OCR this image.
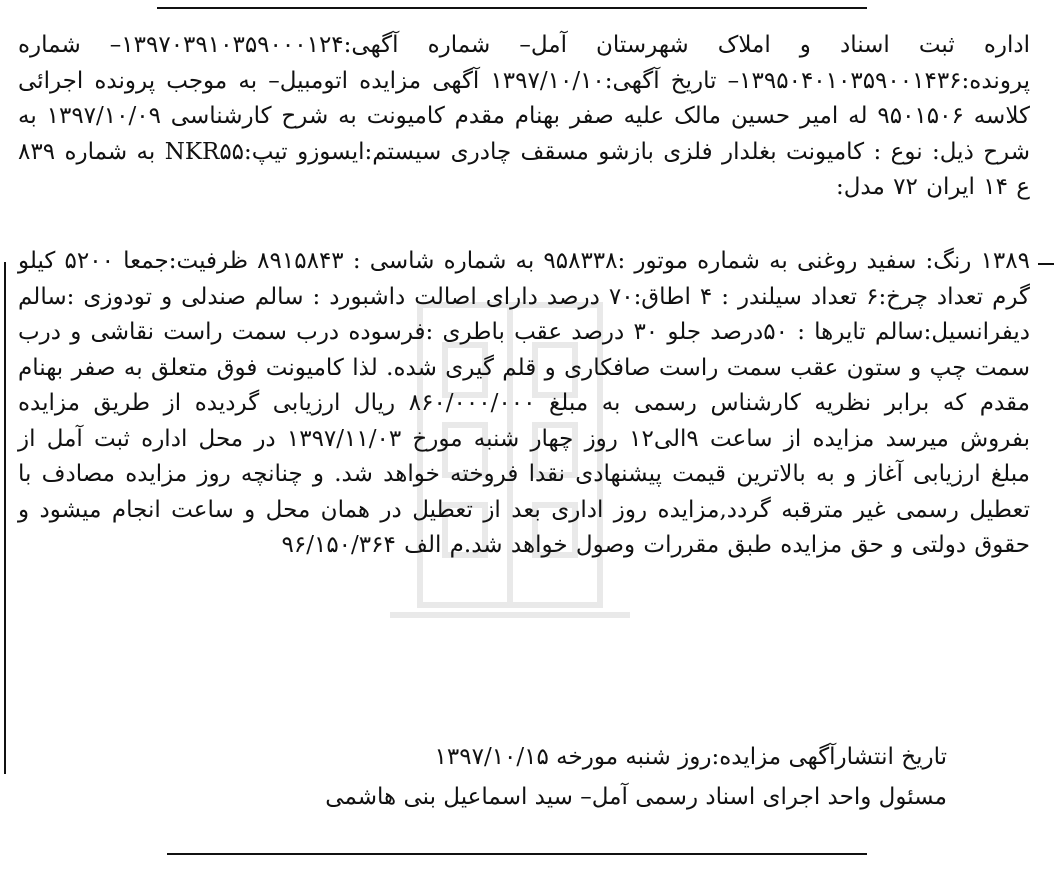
اداره ثبت اسناد و املاک شهرستان آمل– شماره آگهی:۱۳۹۷۰۳۹۱۰۳۵۹۰۰۰۱۲۴– شماره پرونده:۱۳۹۵۰۴۰۱۰۳۵۹۰۰۱۴۳۶– تاریخ آگهی:۱۳۹۷/۱۰/۱۰ آگهی مزایده اتومبیل– به موجب پرونده اجرائی کلاسه ۹۵۰۱۵۰۶ له امیر حسین مالک علیه صفر بهنام مقدم کامیونت به شرح کارشناسی ۱۳۹۷/۱۰/۰۹ به شرح ذیل: نوع : کامیونت بغلدار فلزی بازشو مسقف چادری سیستم:ایسوزو تیپ:NKR۵۵ به شماره ۸۳۹ ع ۱۴ ایران ۷۲ مدل:
۱۳۸۹ رنگ: سفید روغنی به شماره موتور :۹۵۸۳۳۸ به شماره شاسی : ۸۹۱۵۸۴۳ ظرفیت:جمعا ۵۲۰۰ کیلو گرم تعداد چرخ:۶ تعداد سیلندر : ۴ اطاق:۷۰ درصد دارای اصالت داشبورد : سالم صندلی و تودوزی :سالم دیفرانسیل:سالم تایرها : ۵۰درصد جلو ۳۰ درصد عقب باطری :فرسوده درب سمت راست نقاشی و درب سمت چپ و ستون عقب سمت راست صافکاری و قلم گیری شده. لذا کامیونت فوق متعلق به صفر بهنام مقدم که برابر نظریه کارشناس رسمی به مبلغ ۸۶۰/۰۰۰/۰۰۰ ریال ارزیابی گردیده از طریق مزایده بفروش میرسد مزایده از ساعت ۹الی۱۲ روز چهار شنبه مورخ ۱۳۹۷/۱۱/۰۳ در محل اداره ثبت آمل از مبلغ ارزیابی آغاز و به بالاترین قیمت پیشنهادی نقدا فروخته خواهد شد. و چنانچه روز مزایده مصادف با تعطیل رسمی غیر مترقبه گردد,مزایده روز اداری بعد از تعطیل در همان محل و ساعت انجام میشود و حقوق دولتی و حق مزایده طبق مقررات وصول خواهد شد.م الف ۹۶/۱۵۰/۳۶۴
تاریخ انتشارآگهی مزایده:روز شنبه مورخه ۱۳۹۷/۱۰/۱۵
مسئول واحد اجرای اسناد رسمی آمل– سید اسماعیل بنی هاشمی
